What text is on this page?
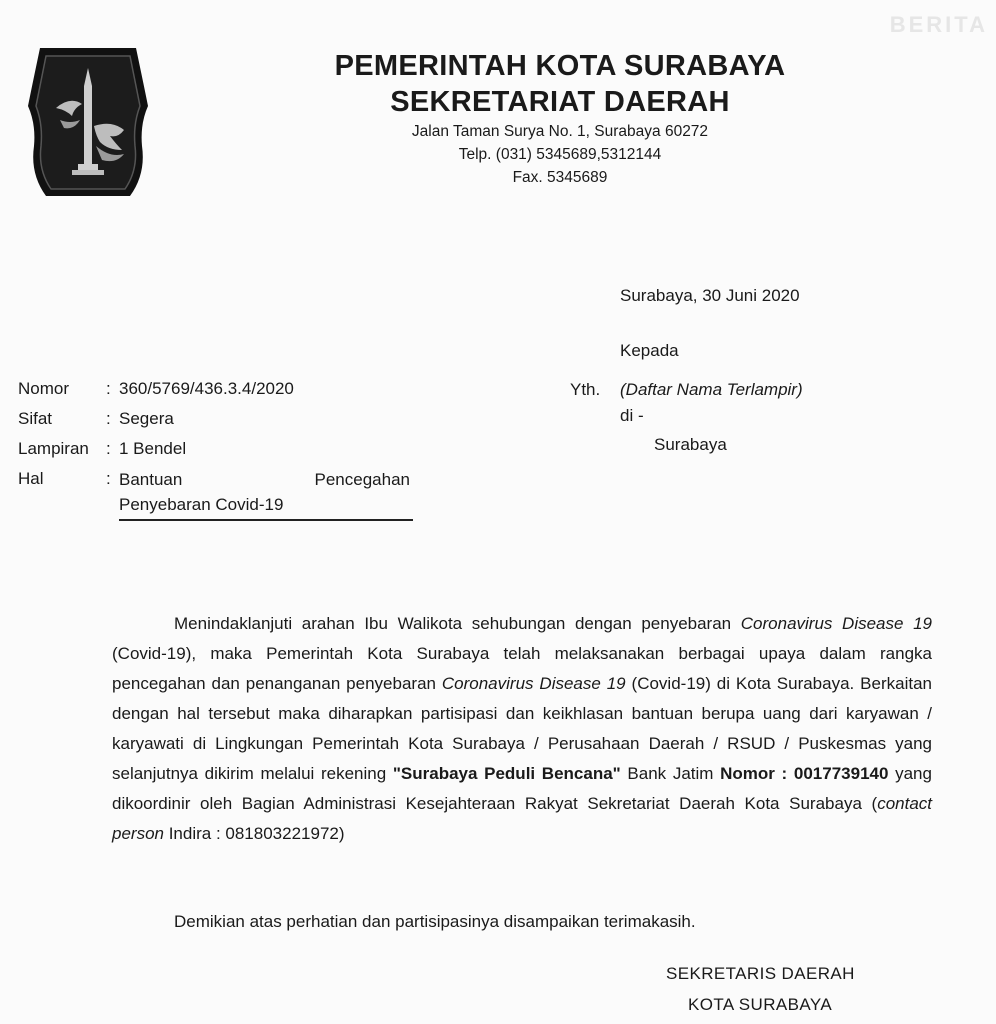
BERITA
PEMERINTAH KOTA SURABAYA
SEKRETARIAT DAERAH
Jalan Taman Surya No. 1, Surabaya 60272
Telp. (031) 5345689,5312144
Fax. 5345689
Surabaya, 30 Juni 2020
Kepada
Yth. (Daftar Nama Terlampir)
di -
Surabaya
Nomor : 360/5769/436.3.4/2020
Sifat	: Segera
Lampiran : 1 Bendel
Hal	: Bantuan Pencegahan
Penyebaran Covid-19
Menindaklanjuti arahan Ibu Walikota sehubungan dengan penyebaran Coronavirus Disease 19 (Covid-19), maka Pemerintah Kota Surabaya telah melaksanakan berbagai upaya dalam rangka pencegahan dan penanganan penyebaran Coronavirus Disease 19 (Covid-19) di Kota Surabaya. Berkaitan dengan hal tersebut maka diharapkan partisipasi dan keikhlasan bantuan berupa uang dari karyawan / karyawati di Lingkungan Pemerintah Kota Surabaya / Perusahaan Daerah / RSUD / Puskesmas yang selanjutnya dikirim melalui rekening "Surabaya Peduli Bencana" Bank Jatim Nomor : 0017739140 yang dikoordinir oleh Bagian Administrasi Kesejahteraan Rakyat Sekretariat Daerah Kota Surabaya (contact person Indira : 081803221972)
Demikian atas perhatian dan partisipasinya disampaikan terimakasih.
SEKRETARIS DAERAH
KOTA SURABAYA
